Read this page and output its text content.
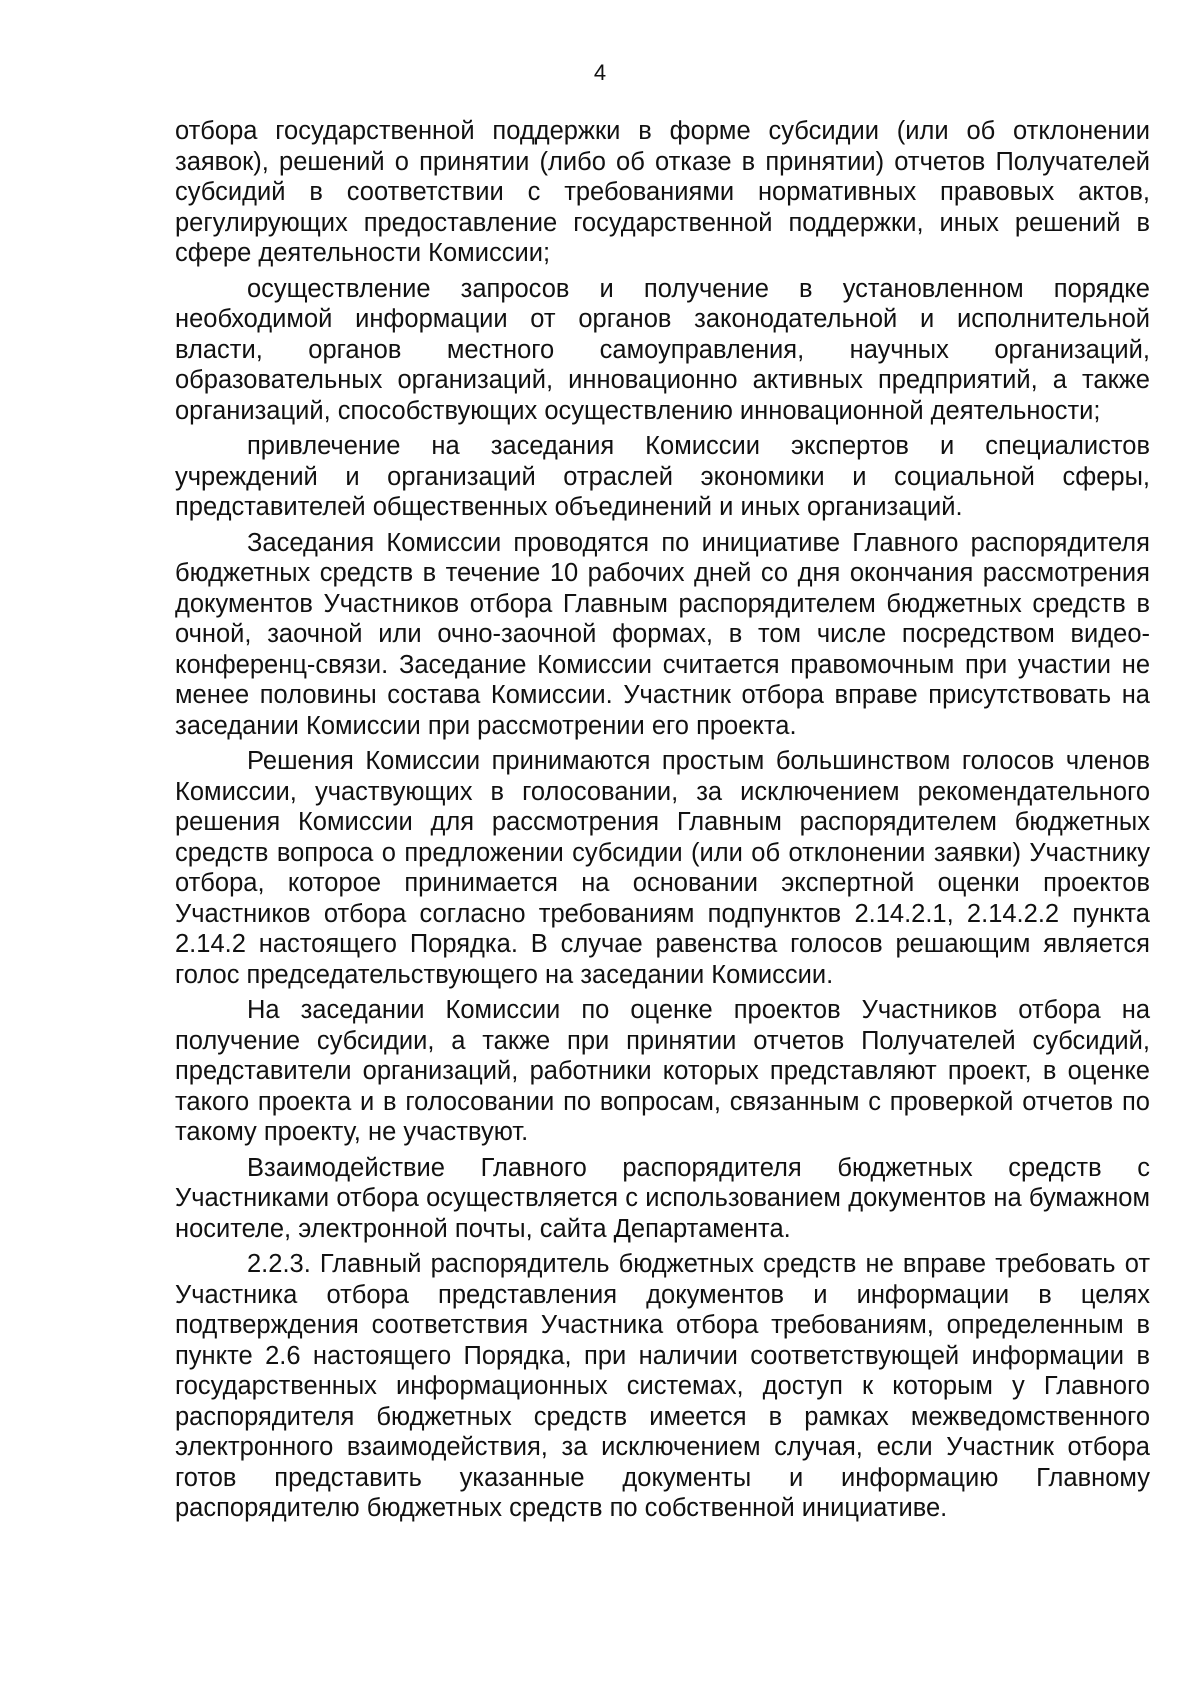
4

отбора государственной поддержки в форме субсидии (или об отклонении заявок), решений о принятии (либо об отказе в принятии) отчетов Получателей субсидий в соответствии с требованиями нормативных правовых актов, регулирующих предоставление государственной поддержки, иных решений в сфере деятельности Комиссии;

осуществление запросов и получение в установленном порядке необходимой информации от органов законодательной и исполнительной власти, органов местного самоуправления, научных организаций, образовательных организаций, инновационно активных предприятий, а также организаций, способствующих осуществлению инновационной деятельности;

привлечение на заседания Комиссии экспертов и специалистов учреждений и организаций отраслей экономики и социальной сферы, представителей общественных объединений и иных организаций.

Заседания Комиссии проводятся по инициативе Главного распорядителя бюджетных средств в течение 10 рабочих дней со дня окончания рассмотрения документов Участников отбора Главным распорядителем бюджетных средств в очной, заочной или очно-заочной формах, в том числе посредством видео-конференц-связи. Заседание Комиссии считается правомочным при участии не менее половины состава Комиссии. Участник отбора вправе присутствовать на заседании Комиссии при рассмотрении его проекта.

Решения Комиссии принимаются простым большинством голосов членов Комиссии, участвующих в голосовании, за исключением рекомендательного решения Комиссии для рассмотрения Главным распорядителем бюджетных средств вопроса о предложении субсидии (или об отклонении заявки) Участнику отбора, которое принимается на основании экспертной оценки проектов Участников отбора согласно требованиям подпунктов 2.14.2.1, 2.14.2.2 пункта 2.14.2 настоящего Порядка. В случае равенства голосов решающим является голос председательствующего на заседании Комиссии.

На заседании Комиссии по оценке проектов Участников отбора на получение субсидии, а также при принятии отчетов Получателей субсидий, представители организаций, работники которых представляют проект, в оценке такого проекта и в голосовании по вопросам, связанным с проверкой отчетов по такому проекту, не участвуют.

Взаимодействие Главного распорядителя бюджетных средств с Участниками отбора осуществляется с использованием документов на бумажном носителе, электронной почты, сайта Департамента.

2.2.3. Главный распорядитель бюджетных средств не вправе требовать от Участника отбора представления документов и информации в целях подтверждения соответствия Участника отбора требованиям, определенным в пункте 2.6 настоящего Порядка, при наличии соответствующей информации в государственных информационных системах, доступ к которым у Главного распорядителя бюджетных средств имеется в рамках межведомственного электронного взаимодействия, за исключением случая, если Участник отбора готов представить указанные документы и информацию Главному распорядителю бюджетных средств по собственной инициативе.
